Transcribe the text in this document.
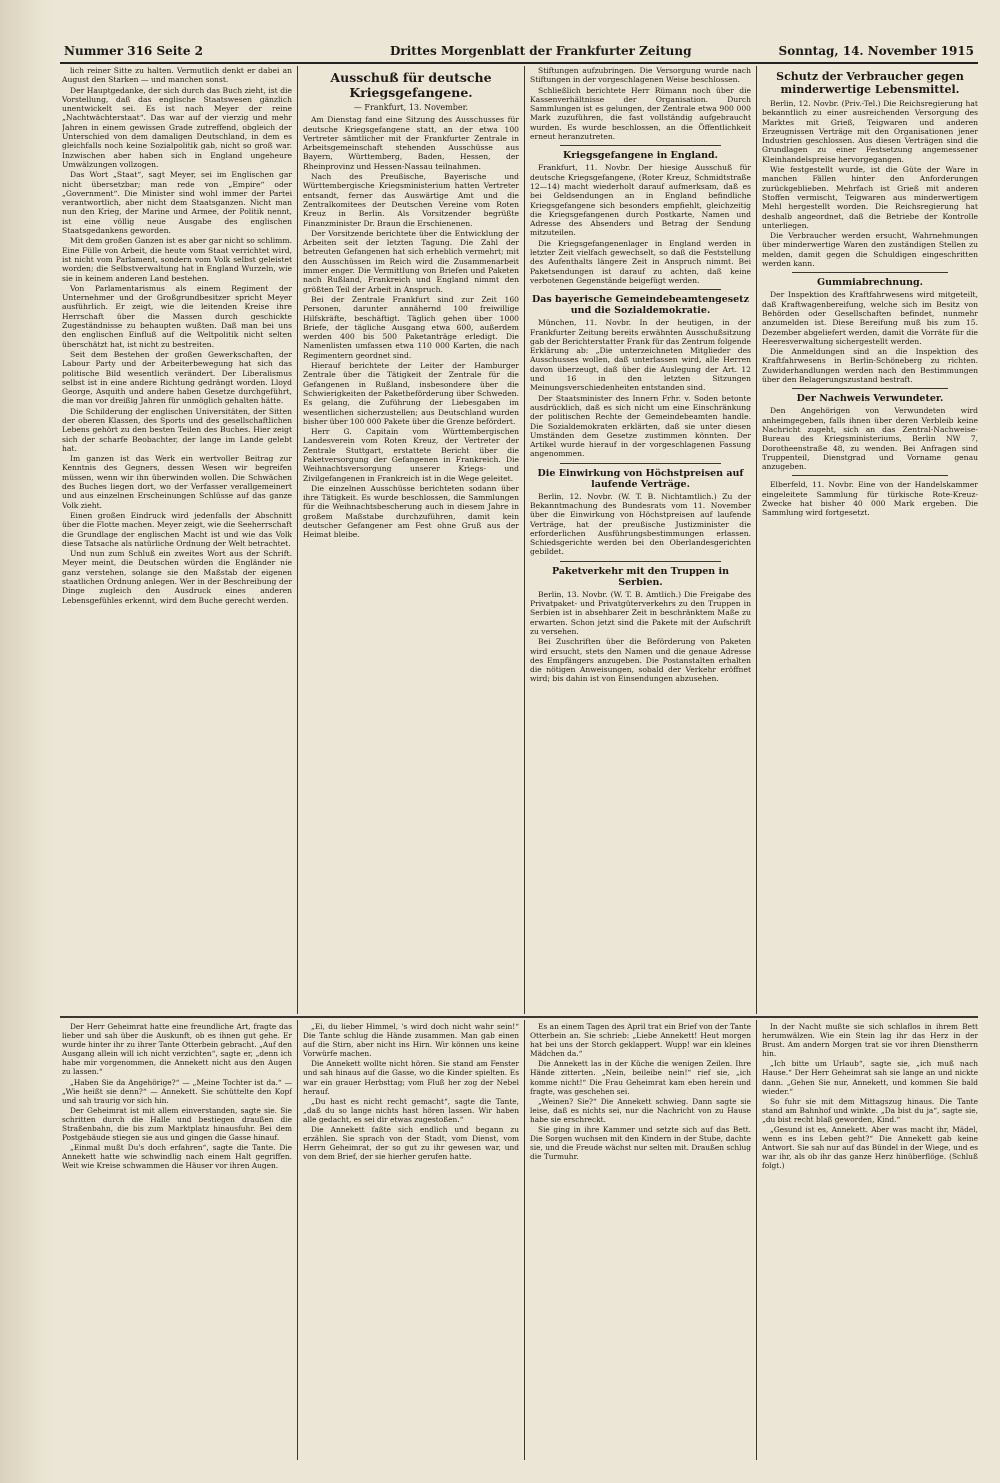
Nummer 316 Seite 2	Drittes Morgenblatt der Frankfurter Zeitung	Sonntag, 14. November 1915

lich reiner Sitte zu halten. Vermutlich denkt er dabei an August den Starken — und manchen sonst.

Der Hauptgedanke, der sich durch das Buch zieht, ist die Vorstellung, daß das englische Staatswesen gänzlich unentwickelt sei. Es ist nach Meyer der reine „Nachtwächterstaat“. Das war auf der vierzig und mehr Jahren in einem gewissen Grade zutreffend, obgleich der Unterschied von dem damaligen Deutschland, in dem es gleichfalls noch keine Sozialpolitik gab, nicht so groß war. Inzwischen aber haben sich in England ungeheure Umwälzungen vollzogen.

Das Wort „Staat“, sagt Meyer, sei im Englischen gar nicht übersetzbar; man rede von „Empire“ oder „Government“. Die Minister sind wohl immer der Partei verantwortlich, aber nicht dem Staatsganzen. Nicht man nun den Krieg, der Marine und Armee, der Politik nennt, ist eine völlig neue Ausgabe des englischen Staatsgedankens geworden.

Mit dem großen Ganzen ist es aber gar nicht so schlimm. Eine Fülle von Arbeit, die heute vom Staat verrichtet wird, ist nicht vom Parlament, sondern vom Volk selbst geleistet worden; die Selbstverwaltung hat in England Wurzeln, wie sie in keinem anderen Land bestehen.

Von Parlamentarismus als einem Regiment der Unternehmer und der Großgrundbesitzer spricht Meyer ausführlich. Er zeigt, wie die leitenden Kreise ihre Herrschaft über die Massen durch geschickte Zugeständnisse zu behaupten wußten. Daß man bei uns den englischen Einfluß auf die Weltpolitik nicht selten überschätzt hat, ist nicht zu bestreiten.

Seit dem Bestehen der großen Gewerkschaften, der Labour Party und der Arbeiterbewegung hat sich das politische Bild wesentlich verändert. Der Liberalismus selbst ist in eine andere Richtung gedrängt worden. Lloyd George, Asquith und andere haben Gesetze durchgeführt, die man vor dreißig Jahren für unmöglich gehalten hätte.

Die Schilderung der englischen Universitäten, der Sitten der oberen Klassen, des Sports und des gesellschaftlichen Lebens gehört zu den besten Teilen des Buches. Hier zeigt sich der scharfe Beobachter, der lange im Lande gelebt hat.

Im ganzen ist das Werk ein wertvoller Beitrag zur Kenntnis des Gegners, dessen Wesen wir begreifen müssen, wenn wir ihn überwinden wollen. Die Schwächen des Buches liegen dort, wo der Verfasser verallgemeinert und aus einzelnen Erscheinungen Schlüsse auf das ganze Volk zieht.

Einen großen Eindruck wird jedenfalls der Abschnitt über die Flotte machen. Meyer zeigt, wie die Seeherrschaft die Grundlage der englischen Macht ist und wie das Volk diese Tatsache als natürliche Ordnung der Welt betrachtet.

Und nun zum Schluß ein zweites Wort aus der Schrift. Meyer meint, die Deutschen würden die Engländer nie ganz verstehen, solange sie den Maßstab der eigenen staatlichen Ordnung anlegen. Wer in der Beschreibung der Dinge zugleich den Ausdruck eines anderen Lebensgefühles erkennt, wird dem Buche gerecht werden.

Ausschuß für deutsche Kriegsgefangene.
— Frankfurt, 13. November.

Am Dienstag fand eine Sitzung des Ausschusses für deutsche Kriegsgefangene statt, an der etwa 100 Vertreter sämtlicher mit der Frankfurter Zentrale in Arbeitsgemeinschaft stehenden Ausschüsse aus Bayern, Württemberg, Baden, Hessen, der Rheinprovinz und Hessen-Nassau teilnahmen.

Nach des Preußische, Bayerische und Württembergische Kriegsministerium hatten Vertreter entsandt, ferner das Auswärtige Amt und die Zentralkomitees der Deutschen Vereine vom Roten Kreuz in Berlin. Als Vorsitzender begrüßte Finanzminister Dr. Braun die Erschienenen.

Der Vorsitzende berichtete über die Entwicklung der Arbeiten seit der letzten Tagung. Die Zahl der betreuten Gefangenen hat sich erheblich vermehrt; mit den Ausschüssen im Reich wird die Zusammenarbeit immer enger. Die Vermittlung von Briefen und Paketen nach Rußland, Frankreich und England nimmt den größten Teil der Arbeit in Anspruch.

Bei der Zentrale Frankfurt sind zur Zeit 160 Personen, darunter annähernd 100 freiwillige Hilfskräfte, beschäftigt. Täglich gehen über 1000 Briefe, der tägliche Ausgang etwa 600, außerdem werden 400 bis 500 Paketanträge erledigt. Die Namenlisten umfassen etwa 110 000 Karten, die nach Regimentern geordnet sind.

Hierauf berichtete der Leiter der Hamburger Zentrale über die Tätigkeit der Zentrale für die Gefangenen in Rußland, insbesondere über die Schwierigkeiten der Paketbeförderung über Schweden. Es gelang, die Zuführung der Liebesgaben im wesentlichen sicherzustellen; aus Deutschland wurden bisher über 100 000 Pakete über die Grenze befördert.

Herr G. Capitain vom Württembergischen Landesverein vom Roten Kreuz, der Vertreter der Zentrale Stuttgart, erstattete Bericht über die Paketversorgung der Gefangenen in Frankreich. Die Weihnachtsversorgung unserer Kriegs- und Zivilgefangenen in Frankreich ist in die Wege geleitet.

Die einzelnen Ausschüsse berichteten sodann über ihre Tätigkeit. Es wurde beschlossen, die Sammlungen für die Weihnachtsbescherung auch in diesem Jahre in großem Maßstabe durchzuführen, damit kein deutscher Gefangener am Fest ohne Gruß aus der Heimat bleibe.

Stiftungen aufzubringen. Die Versorgung wurde nach Stiftungen in der vorgeschlagenen Weise beschlossen.

Schließlich berichtete Herr Rümann noch über die Kassenverhältnisse der Organisation. Durch Sammlungen ist es gelungen, der Zentrale etwa 900 000 Mark zuzuführen, die fast vollständig aufgebraucht wurden. Es wurde beschlossen, an die Öffentlichkeit erneut heranzutreten.

Kriegsgefangene in England.

Frankfurt, 11. Novbr. Der hiesige Ausschuß für deutsche Kriegsgefangene, (Roter Kreuz, Schmidtstraße 12—14) macht wiederholt darauf aufmerksam, daß es bei Geldsendungen an in England befindliche Kriegsgefangene sich besonders empfiehlt, gleichzeitig die Kriegsgefangenen durch Postkarte, Namen und Adresse des Absenders und Betrag der Sendung mitzuteilen.

Die Kriegsgefangenenlager in England werden in letzter Zeit vielfach gewechselt, so daß die Feststellung des Aufenthalts längere Zeit in Anspruch nimmt. Bei Paketsendungen ist darauf zu achten, daß keine verbotenen Gegenstände beigefügt werden.

Das bayerische Gemeindebeamtengesetz und die Sozialdemokratie.

München, 11. Novbr. In der heutigen, in der Frankfurter Zeitung bereits erwähnten Ausschußsitzung gab der Berichterstatter Frank für das Zentrum folgende Erklärung ab: „Die unterzeichneten Mitglieder des Ausschusses wollen, daß unterlassen wird, alle Herren davon überzeugt, daß über die Auslegung der Art. 12 und 16 in den letzten Sitzungen Meinungsverschiedenheiten entstanden sind.

Der Staatsminister des Innern Frhr. v. Soden betonte ausdrücklich, daß es sich nicht um eine Einschränkung der politischen Rechte der Gemeindebeamten handle. Die Sozialdemokraten erklärten, daß sie unter diesen Umständen dem Gesetze zustimmen könnten. Der Artikel wurde hierauf in der vorgeschlagenen Fassung angenommen.

Die Einwirkung von Höchstpreisen auf laufende Verträge.

Berlin, 12. Novbr. (W. T. B. Nichtamtlich.) Zu der Bekanntmachung des Bundesrats vom 11. November über die Einwirkung von Höchstpreisen auf laufende Verträge, hat der preußische Justizminister die erforderlichen Ausführungsbestimmungen erlassen. Schiedsgerichte werden bei den Oberlandesgerichten gebildet.

Paketverkehr mit den Truppen in Serbien.

Berlin, 13. Novbr. (W. T. B. Amtlich.) Die Freigabe des Privatpaket- und Privatgüterverkehrs zu den Truppen in Serbien ist in absehbarer Zeit in beschränktem Maße zu erwarten. Schon jetzt sind die Pakete mit der Aufschrift zu versehen.

Bei Zuschriften über die Beförderung von Paketen wird ersucht, stets den Namen und die genaue Adresse des Empfängers anzugeben. Die Postanstalten erhalten die nötigen Anweisungen, sobald der Verkehr eröffnet wird; bis dahin ist von Einsendungen abzusehen.

Schutz der Verbraucher gegen minderwertige Lebensmittel.

Berlin, 12. Novbr. (Priv.-Tel.) Die Reichsregierung hat bekanntlich zu einer ausreichenden Versorgung des Marktes mit Grieß, Teigwaren und anderen Erzeugnissen Verträge mit den Organisationen jener Industrien geschlossen. Aus diesen Verträgen sind die Grundlagen zu einer Festsetzung angemessener Kleinhandelspreise hervorgegangen.

Wie festgestellt wurde, ist die Güte der Ware in manchen Fällen hinter den Anforderungen zurückgeblieben. Mehrfach ist Grieß mit anderen Stoffen vermischt, Teigwaren aus minderwertigem Mehl hergestellt worden. Die Reichsregierung hat deshalb angeordnet, daß die Betriebe der Kontrolle unterliegen.

Die Verbraucher werden ersucht, Wahrnehmungen über minderwertige Waren den zuständigen Stellen zu melden, damit gegen die Schuldigen eingeschritten werden kann.

Gummiabrechnung.

Der Inspektion des Kraftfahrwesens wird mitgeteilt, daß Kraftwagenbereifung, welche sich im Besitz von Behörden oder Gesellschaften befindet, nunmehr anzumelden ist. Diese Bereifung muß bis zum 15. Dezember abgeliefert werden, damit die Vorräte für die Heeresverwaltung sichergestellt werden.

Die Anmeldungen sind an die Inspektion des Kraftfahrwesens in Berlin-Schöneberg zu richten. Zuwiderhandlungen werden nach den Bestimmungen über den Belagerungszustand bestraft.

Der Nachweis Verwundeter.

Den Angehörigen von Verwundeten wird anheimgegeben, falls ihnen über deren Verbleib keine Nachricht zugeht, sich an das Zentral-Nachweise-Bureau des Kriegsministeriums, Berlin NW 7, Dorotheenstraße 48, zu wenden. Bei Anfragen sind Truppenteil, Dienstgrad und Vorname genau anzugeben.

Elberfeld, 11. Novbr. Eine von der Handelskammer eingeleitete Sammlung für türkische Rote-Kreuz-Zwecke hat bisher 40 000 Mark ergeben. Die Sammlung wird fortgesetzt.

Der Herr Geheimrat hatte eine freundliche Art, fragte das lieber und sah über die Auskunft, ob es ihnen gut gehe. Er wurde hinter ihr zu ihrer Tante Otterbein gebracht. „Auf den Ausgang allein will ich nicht verzichten“, sagte er, „denn ich habe mir vorgenommen, die Annekett nicht aus den Augen zu lassen.“

„Haben Sie da Angehörige?“ — „Meine Tochter ist da.“ — „Wie heißt sie denn?“ — Annekett. Sie schüttelte den Kopf und sah traurig vor sich hin.

Der Geheimrat ist mit allem einverstanden, sagte sie. Sie schritten durch die Halle und bestiegen draußen die Straßenbahn, die bis zum Marktplatz hinausfuhr. Bei dem Postgebäude stiegen sie aus und gingen die Gasse hinauf.

„Einmal mußt Du's doch erfahren“, sagte die Tante. Die Annekett hatte wie schwindlig nach einem Halt gegriffen. Weit wie Kreise schwammen die Häuser vor ihren Augen.

„Ei, du lieber Himmel, 's wird doch nicht wahr sein!“ Die Tante schlug die Hände zusammen. Man gab einen auf die Stirn, aber nicht ins Hirn. Wir können uns keine Vorwürfe machen.

Die Annekett wollte nicht hören. Sie stand am Fenster und sah hinaus auf die Gasse, wo die Kinder spielten. Es war ein grauer Herbsttag; vom Fluß her zog der Nebel herauf.

„Du hast es nicht recht gemacht“, sagte die Tante, „daß du so lange nichts hast hören lassen. Wir haben alle gedacht, es sei dir etwas zugestoßen.“

Die Annekett faßte sich endlich und begann zu erzählen. Sie sprach von der Stadt, vom Dienst, vom Herrn Geheimrat, der so gut zu ihr gewesen war, und von dem Brief, der sie hierher gerufen hatte.

Es an einem Tagen des April trat ein Brief von der Tante Otterbein an. Sie schrieb: „Liebe Annekett! Heut morgen hat bei uns der Storch geklappert. Wupp! war ein kleines Mädchen da.“

Die Annekett las in der Küche die wenigen Zeilen. Ihre Hände zitterten. „Nein, beileibe nein!“ rief sie, „ich komme nicht!“ Die Frau Geheimrat kam eben herein und fragte, was geschehen sei.

„Weinen? Sie?“ Die Annekett schwieg. Dann sagte sie leise, daß es nichts sei, nur die Nachricht von zu Hause habe sie erschreckt.

Sie ging in ihre Kammer und setzte sich auf das Bett. Die Sorgen wuchsen mit den Kindern in der Stube, dachte sie, und die Freude wächst nur selten mit. Draußen schlug die Turmuhr.

In der Nacht mußte sie sich schlaflos in ihrem Bett herumwälzen. Wie ein Stein lag ihr das Herz in der Brust. Am andern Morgen trat sie vor ihren Dienstherrn hin.

„Ich bitte um Urlaub“, sagte sie, „ich muß nach Hause.“ Der Herr Geheimrat sah sie lange an und nickte dann. „Gehen Sie nur, Annekett, und kommen Sie bald wieder.“

So fuhr sie mit dem Mittagszug hinaus. Die Tante stand am Bahnhof und winkte. „Da bist du ja“, sagte sie, „du bist recht blaß geworden, Kind.“

„Gesund ist es, Annekett. Aber was macht ihr, Mädel, wenn es ins Leben geht?“ Die Annekett gab keine Antwort. Sie sah nur auf das Bündel in der Wiege, und es war ihr, als ob ihr das ganze Herz hinüberflöge. (Schluß folgt.)
